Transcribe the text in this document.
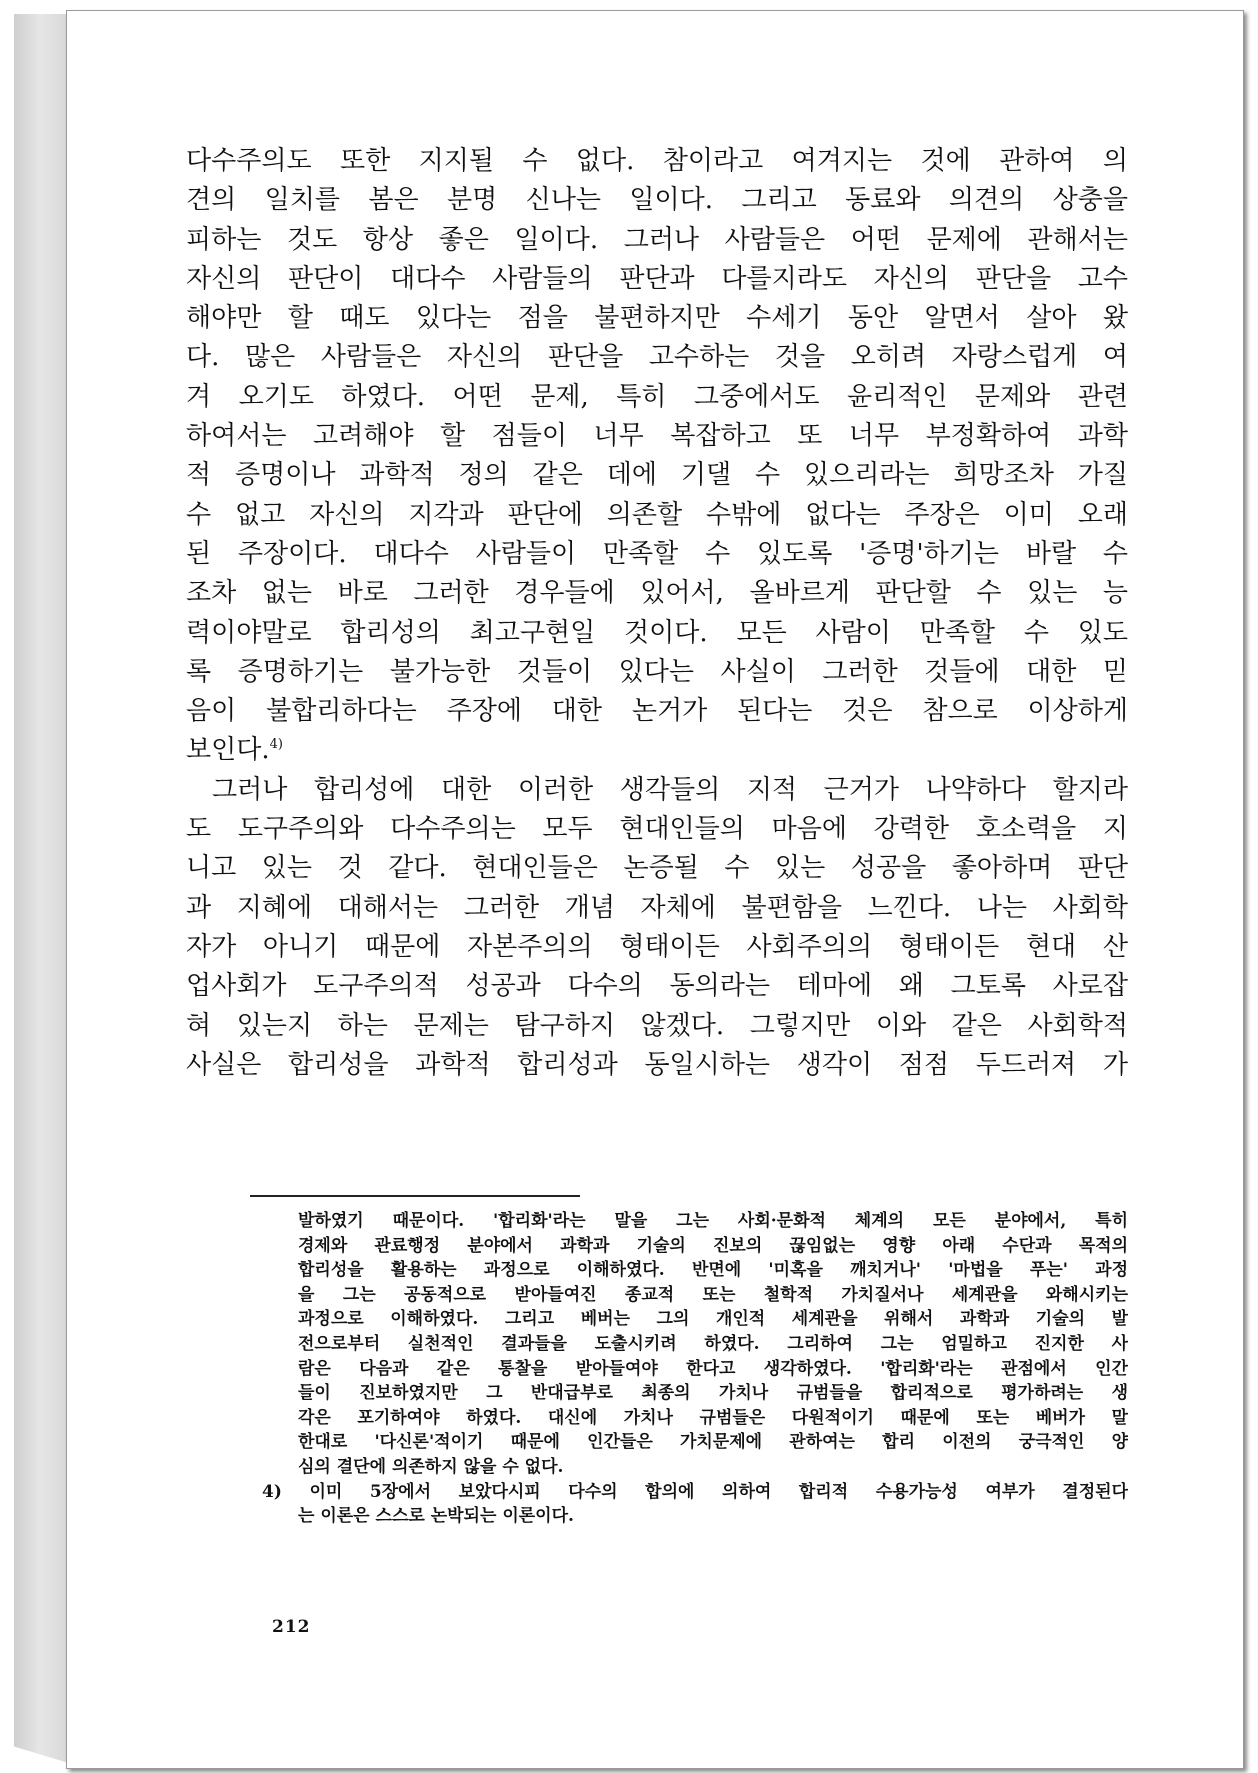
다수주의도 또한 지지될 수 없다. 참이라고 여겨지는 것에 관하여 의
견의 일치를 봄은 분명 신나는 일이다. 그리고 동료와 의견의 상충을
피하는 것도 항상 좋은 일이다. 그러나 사람들은 어떤 문제에 관해서는
자신의 판단이 대다수 사람들의 판단과 다를지라도 자신의 판단을 고수
해야만 할 때도 있다는 점을 불편하지만 수세기 동안 알면서 살아 왔
다. 많은 사람들은 자신의 판단을 고수하는 것을 오히려 자랑스럽게 여
겨 오기도 하였다. 어떤 문제, 특히 그중에서도 윤리적인 문제와 관련
하여서는 고려해야 할 점들이 너무 복잡하고 또 너무 부정확하여 과학
적 증명이나 과학적 정의 같은 데에 기댈 수 있으리라는 희망조차 가질
수 없고 자신의 지각과 판단에 의존할 수밖에 없다는 주장은 이미 오래
된 주장이다. 대다수 사람들이 만족할 수 있도록 '증명'하기는 바랄 수
조차 없는 바로 그러한 경우들에 있어서, 올바르게 판단할 수 있는 능
력이야말로 합리성의 최고구현일 것이다. 모든 사람이 만족할 수 있도
록 증명하기는 불가능한 것들이 있다는 사실이 그러한 것들에 대한 믿
음이 불합리하다는 주장에 대한 논거가 된다는 것은 참으로 이상하게
보인다.$^{4)}$
그러나 합리성에 대한 이러한 생각들의 지적 근거가 나약하다 할지라
도 도구주의와 다수주의는 모두 현대인들의 마음에 강력한 호소력을 지
니고 있는 것 같다. 현대인들은 논증될 수 있는 성공을 좋아하며 판단
과 지혜에 대해서는 그러한 개념 자체에 불편함을 느낀다. 나는 사회학
자가 아니기 때문에 자본주의의 형태이든 사회주의의 형태이든 현대 산
업사회가 도구주의적 성공과 다수의 동의라는 테마에 왜 그토록 사로잡
혀 있는지 하는 문제는 탐구하지 않겠다. 그렇지만 이와 같은 사회학적
사실은 합리성을 과학적 합리성과 동일시하는 생각이 점점 두드러져 가
발하였기 때문이다. '합리화'라는 말을 그는 사회·문화적 체계의 모든 분야에서, 특히
경제와 관료행정 분야에서 과학과 기술의 진보의 끊임없는 영향 아래 수단과 목적의
합리성을 활용하는 과정으로 이해하였다. 반면에 '미혹을 깨치거나' '마법을 푸는' 과정
을 그는 공동적으로 받아들여진 종교적 또는 철학적 가치질서나 세계관을 와해시키는
과정으로 이해하였다. 그리고 베버는 그의 개인적 세계관을 위해서 과학과 기술의 발
전으로부터 실천적인 결과들을 도출시키려 하였다. 그리하여 그는 엄밀하고 진지한 사
람은 다음과 같은 통찰을 받아들여야 한다고 생각하였다. '합리화'라는 관점에서 인간
들이 진보하였지만 그 반대급부로 최종의 가치나 규범들을 합리적으로 평가하려는 생
각은 포기하여야 하였다. 대신에 가치나 규범들은 다원적이기 때문에 또는 베버가 말
한대로 '다신론'적이기 때문에 인간들은 가치문제에 관하여는 합리 이전의 궁극적인 양
심의 결단에 의존하지 않을 수 없다.
4) 이미 5장에서 보았다시피 다수의 합의에 의하여 합리적 수용가능성 여부가 결정된다
는 이론은 스스로 논박되는 이론이다.
212
